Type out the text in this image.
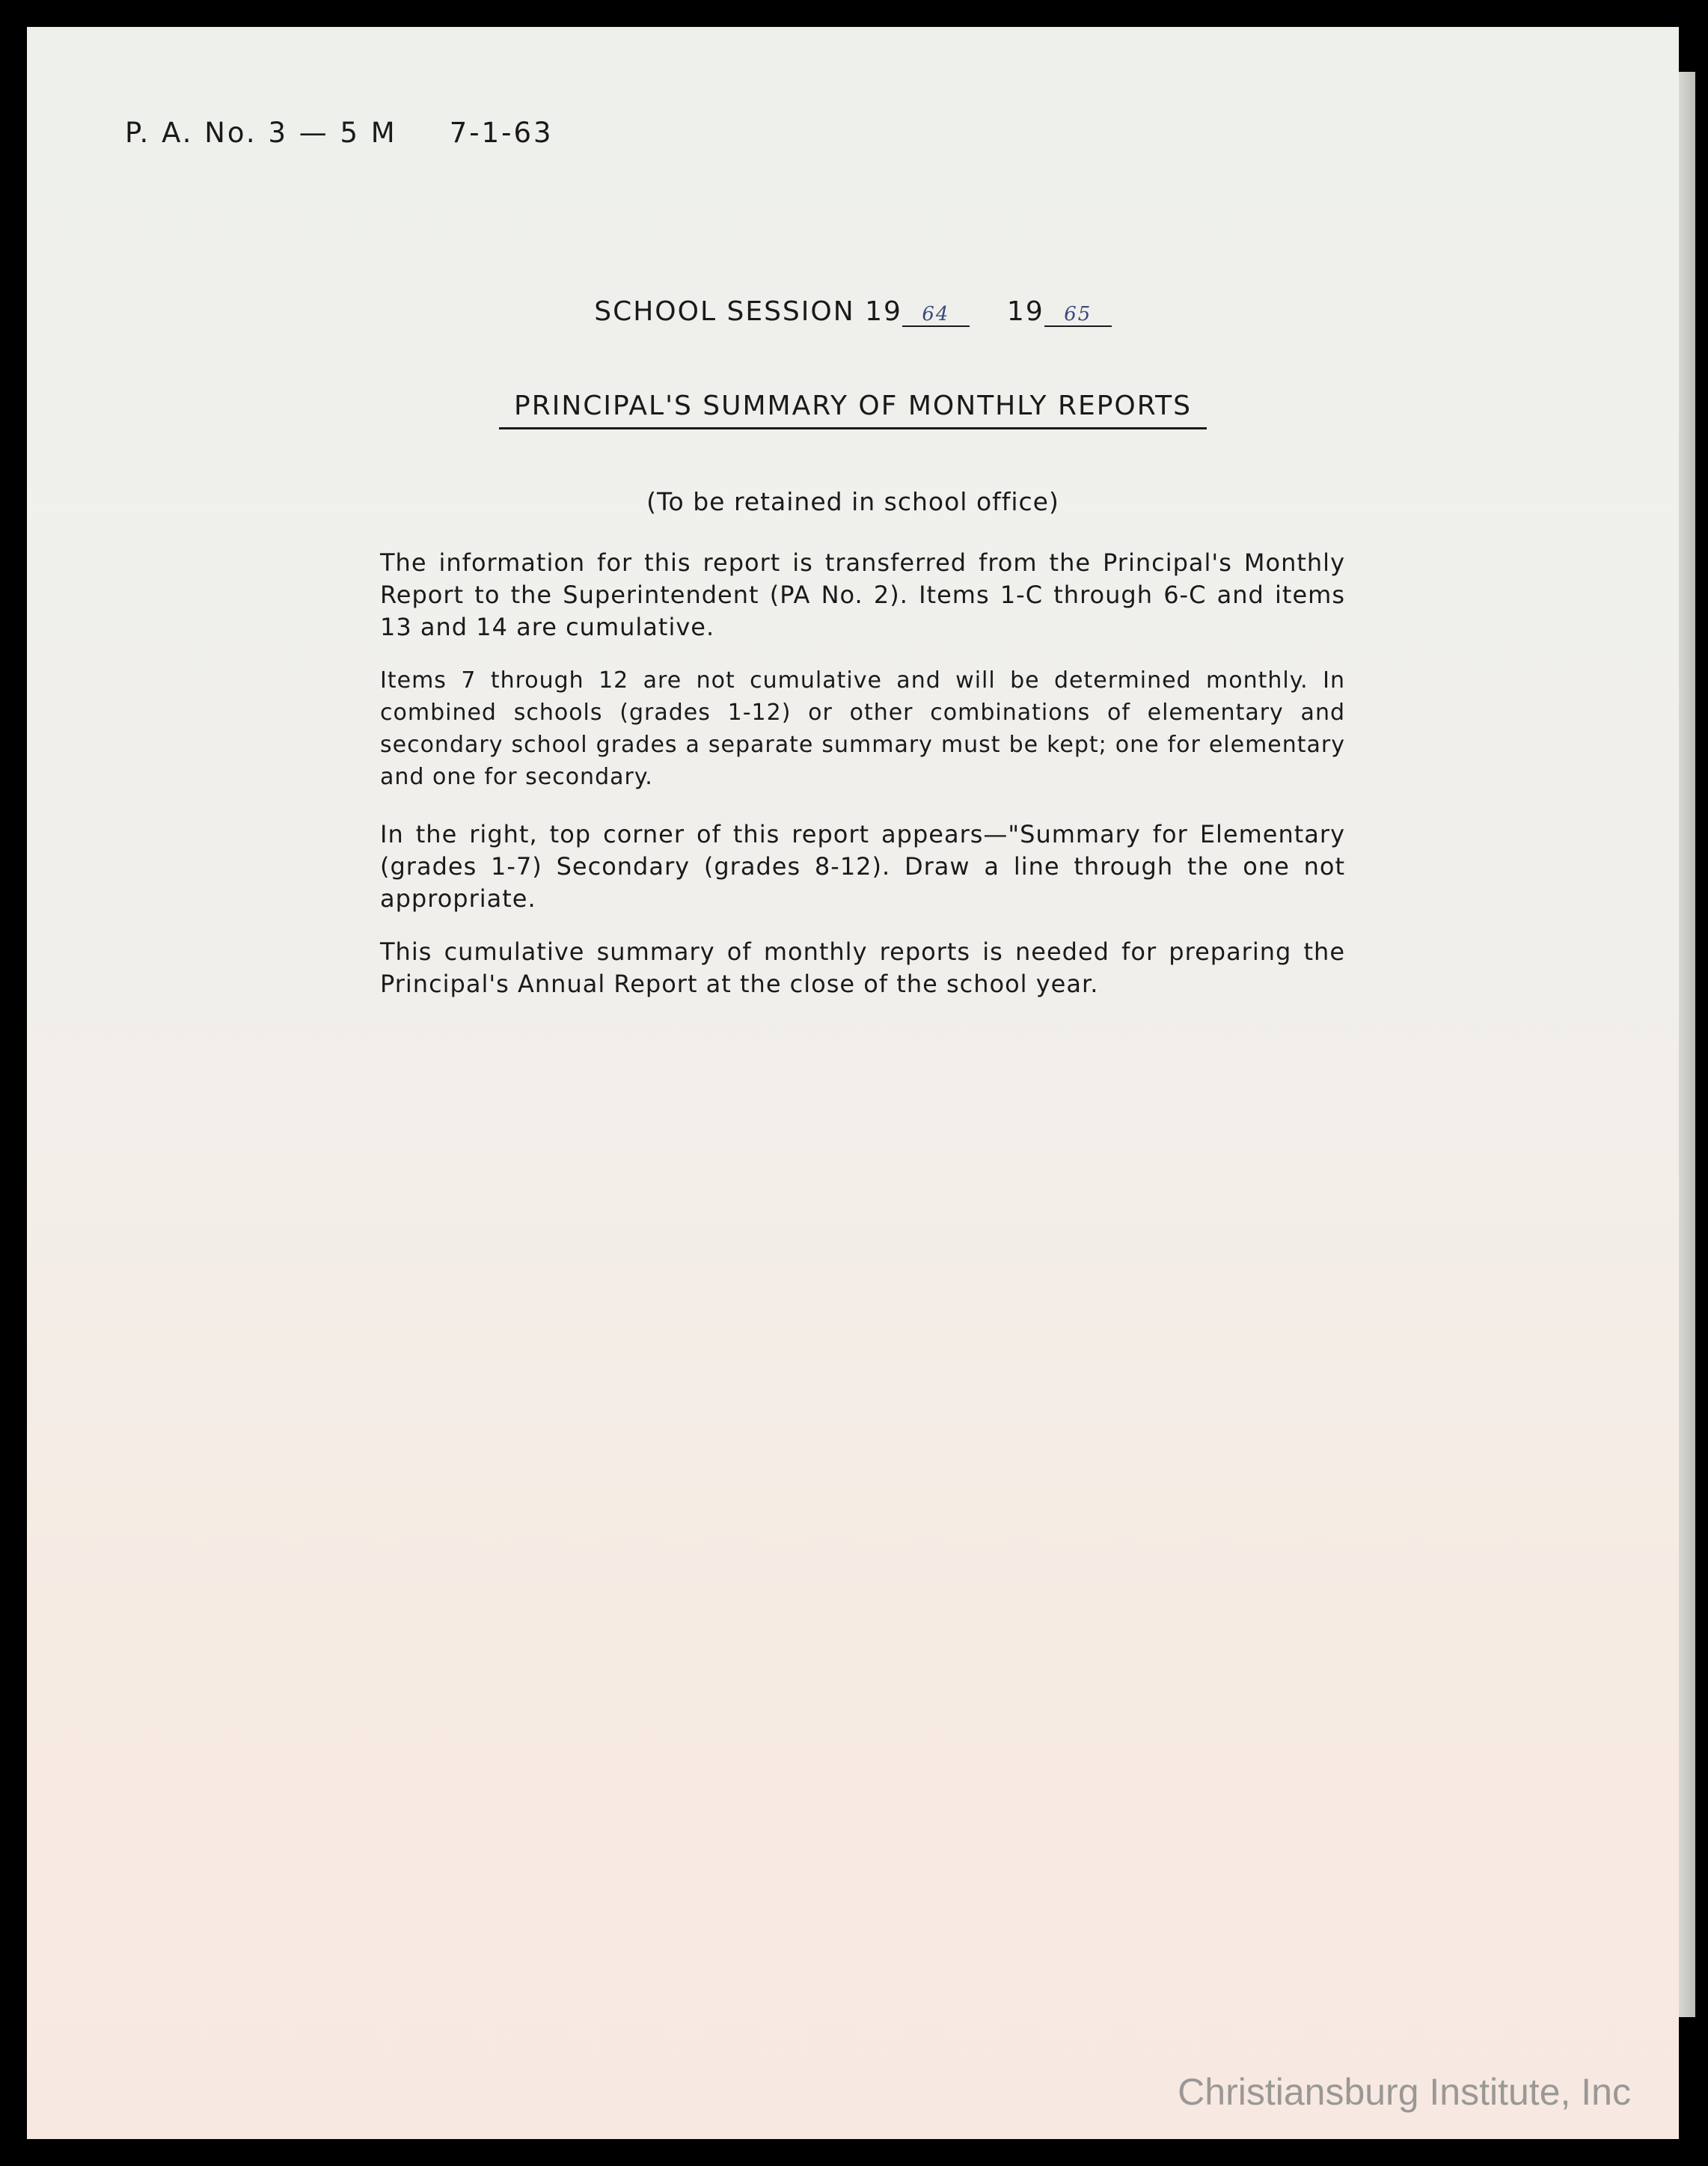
P. A. No. 3 — 5 M 7-1-63
SCHOOL SESSION 19 64 19 65
PRINCIPAL'S SUMMARY OF MONTHLY REPORTS
(To be retained in school office)

The information for this report is transferred from the Principal's Monthly Report to the Superintendent (PA No. 2). Items 1-C through 6-C and items 13 and 14 are cumulative.

Items 7 through 12 are not cumulative and will be determined monthly. In combined schools (grades 1-12) or other combinations of elementary and secondary school grades a separate summary must be kept; one for elementary and one for secondary.

In the right, top corner of this report appears—"Summary for Elementary (grades 1-7) Secondary (grades 8-12). Draw a line through the one not appropriate.

This cumulative summary of monthly reports is needed for preparing the Principal's Annual Report at the close of the school year.

Christiansburg Institute, Inc
